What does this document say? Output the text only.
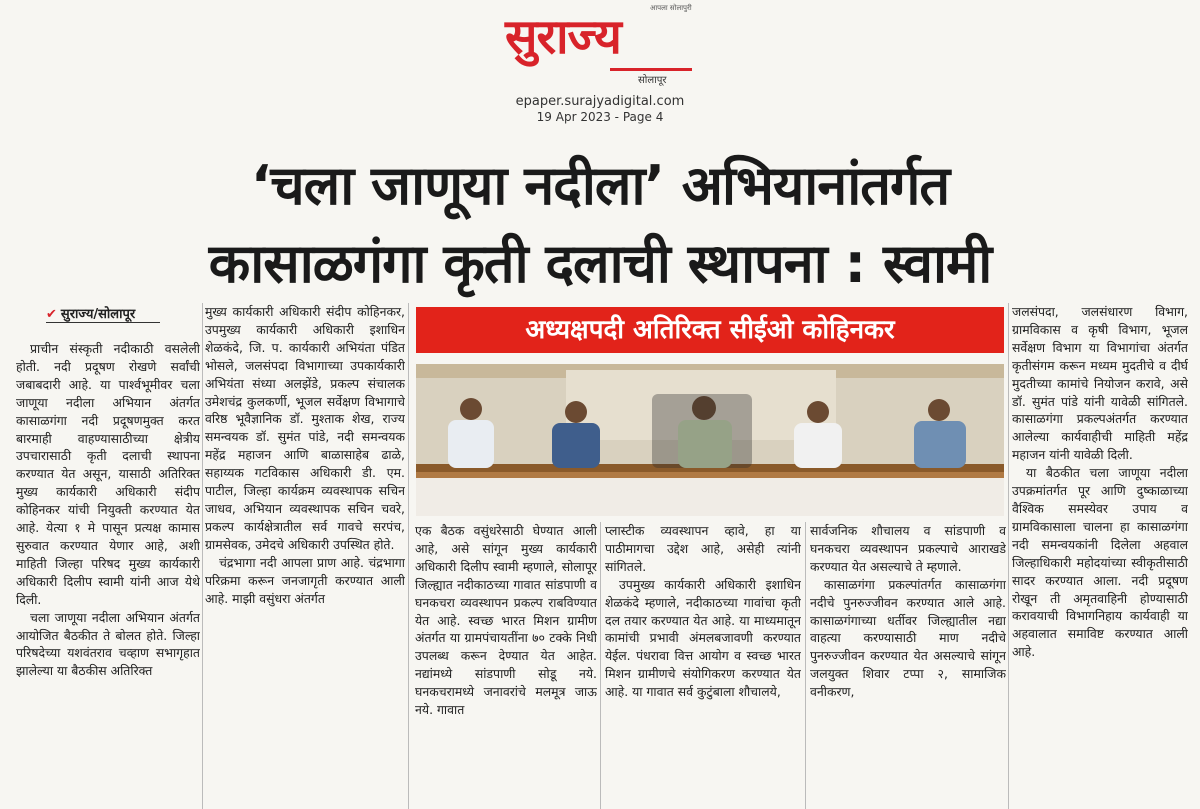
आपला सोलापुरी
सुराज्य
सोलापूर
epaper.surajyadigital.com
19 Apr 2023 - Page 4
‘चला जाणूया नदीला’ अभियानांतर्गत
कासाळगंगा कृती दलाची स्थापना : स्वामी
✔ सुराज्य/सोलापूर

प्राचीन संस्कृती नदीकाठी वसलेली होती. नदी प्रदूषण रोखणे सर्वांची जबाबदारी आहे. या पार्श्वभूमीवर चला जाणूया नदीला अभियान अंतर्गत कासाळगंगा नदी प्रदूषणमुक्त करत बारमाही वाहण्यासाठीच्या क्षेत्रीय उपचारासाठी कृती दलाची स्थापना करण्यात येत असून, यासाठी अतिरिक्त मुख्य कार्यकारी अधिकारी संदीप कोहिनकर यांची नियुक्ती करण्यात येत आहे. येत्या १ मे पासून प्रत्यक्ष कामास सुरुवात करण्यात येणार आहे, अशी माहिती जिल्हा परिषद मुख्य कार्यकारी अधिकारी दिलीप स्वामी यांनी आज येथे दिली.

चला जाणूया नदीला अभियान अंतर्गत आयोजित बैठकीत ते बोलत होते. जिल्हा परिषदेच्या यशवंतराव चव्हाण सभागृहात झालेल्या या बैठकीस अतिरिक्त

मुख्य कार्यकारी अधिकारी संदीप कोहिनकर, उपमुख्य कार्यकारी अधिकारी इशाधिन शेळकंदे, जि. प. कार्यकारी अभियंता पंडित भोसले, जलसंपदा विभागाच्या उपकार्यकारी अभियंता संध्या अलझेंडे, प्रकल्प संचालक उमेशचंद्र कुलकर्णी, भूजल सर्वेक्षण विभागाचे वरिष्ठ भूवैज्ञानिक डॉ. मुश्ताक शेख, राज्य समन्वयक डॉ. सुमंत पांडे, नदी समन्वयक महेंद्र महाजन आणि बाळासाहेब ढाळे, सहाय्यक गटविकास अधिकारी डी. एम. पाटील, जिल्हा कार्यक्रम व्यवस्थापक सचिन जाधव, अभियान व्यवस्थापक सचिन चवरे, प्रकल्प कार्यक्षेत्रातील सर्व गावचे सरपंच, ग्रामसेवक, उमेदचे अधिकारी उपस्थित होते.

चंद्रभागा नदी आपला प्राण आहे. चंद्रभागा परिक्रमा करून जनजागृती करण्यात आली आहे. माझी वसुंधरा अंतर्गत

अध्यक्षपदी अतिरिक्त सीईओ कोहिनकर

एक बैठक वसुंधरेसाठी घेण्यात आली आहे, असे सांगून मुख्य कार्यकारी अधिकारी दिलीप स्वामी म्हणाले, सोलापूर जिल्ह्यात नदीकाठच्या गावात सांडपाणी व घनकचरा व्यवस्थापन प्रकल्प राबविण्यात येत आहे. स्वच्छ भारत मिशन ग्रामीण अंतर्गत या ग्रामपंचायतींना ७० टक्के निधी उपलब्ध करून देण्यात येत आहेत. नद्यांमध्ये सांडपाणी सोडू नये. घनकचरामध्ये जनावरांचे मलमूत्र जाऊ नये. गावात

प्लास्टीक व्यवस्थापन व्हावे, हा या पाठीमागचा उद्देश आहे, असेही त्यांनी सांगितले.

उपमुख्य कार्यकारी अधिकारी इशाधिन शेळकंदे म्हणाले, नदीकाठच्या गावांचा कृती दल तयार करण्यात येत आहे. या माध्यमातून कामांची प्रभावी अंमलबजावणी करण्यात येईल. पंधरावा वित्त आयोग व स्वच्छ भारत मिशन ग्रामीणचे संयोगिकरण करण्यात येत आहे. या गावात सर्व कुटुंबाला शौचालये,

सार्वजनिक शौचालय व सांडपाणी व घनकचरा व्यवस्थापन प्रकल्पाचे आराखडे करण्यात येत असल्याचे ते म्हणाले.

कासाळगंगा प्रकल्पांतर्गत कासाळगंगा नदीचे पुनरुज्जीवन करण्यात आले आहे. कासाळगंगाच्या धर्तीवर जिल्ह्यातील नद्या वाहत्या करण्यासाठी माण नदीचे पुनरुज्जीवन करण्यात येत असल्याचे सांगून जलयुक्त शिवार टप्पा २, सामाजिक वनीकरण,

जलसंपदा, जलसंधारण विभाग, ग्रामविकास व कृषी विभाग, भूजल सर्वेक्षण विभाग या विभागांचा अंतर्गत कृतीसंगम करून मध्यम मुदतीचे व दीर्घ मुदतीच्या कामांचे नियोजन करावे, असे डॉ. सुमंत पांडे यांनी यावेळी सांगितले. कासाळगंगा प्रकल्पअंतर्गत करण्यात आलेल्या कार्यवाहीची माहिती महेंद्र महाजन यांनी यावेळी दिली.

या बैठकीत चला जाणूया नदीला उपक्रमांतर्गत पूर आणि दुष्काळाच्या वैश्विक समस्येवर उपाय व ग्रामविकासाला चालना हा कासाळगंगा नदी समन्वयकांनी दिलेला अहवाल जिल्हाधिकारी महोदयांच्या स्वीकृतीसाठी सादर करण्यात आला. नदी प्रदूषण रोखून ती अमृतवाहिनी होण्यासाठी करावयाची विभागनिहाय कार्यवाही या अहवालात समाविष्ट करण्यात आली आहे.
